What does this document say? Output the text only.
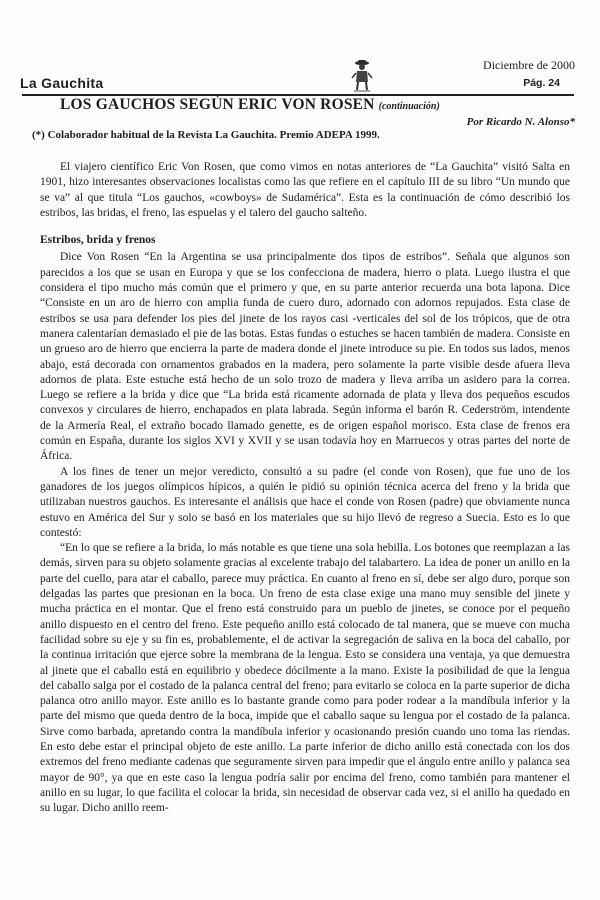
La Gauchita
Diciembre de 2000
Pág. 24
LOS GAUCHOS SEGÚN ERIC VON ROSEN (continuación)
Por Ricardo N. Alonso*
(*) Colaborador habitual de la Revista La Gauchita. Premio ADEPA 1999.

El viajero científico Eric Von Rosen, que como vimos en notas anteriores de “La Gauchita” visitó Salta en 1901, hizo interesantes observaciones localistas como las que refiere en el capítulo III de su libro “Un mundo que se va” al que titula “Los gauchos, «cowboys» de Sudamérica”. Esta es la continuación de cómo describió los estribos, las bridas, el freno, las espuelas y el talero del gaucho salteño.

Estribos, brida y frenos

Dice Von Rosen “En la Argentina se usa principalmente dos tipos de estribos”. Señala que algunos son parecidos a los que se usan en Europa y que se los confecciona de madera, hierro o plata. Luego ilustra el que considera el tipo mucho más común que el primero y que, en su parte anterior recuerda una bota lapona. Dice “Consiste en un aro de hierro con amplia funda de cuero duro, adornado con adornos repujados. Esta clase de estribos se usa para defender los pies del jinete de los rayos casi -verticales del sol de los trópicos, que de otra manera calentarían demasiado el pie de las botas. Estas fundas o estuches se hacen también de madera. Consiste en un grueso aro de hierro que encierra la parte de madera donde el jinete introduce su pie. En todos sus lados, menos abajo, está decorada con ornamentos grabados en la madera, pero solamente la parte visible desde afuera lleva adornos de plata. Este estuche está hecho de un solo trozo de madera y lleva arriba un asidero para la correa. Luego se refiere a la brida y dice que “La brida está ricamente adornada de plata y lleva dos pequeños escudos convexos y circulares de hierro, enchapados en plata labrada. Según informa el barón R. Cederström, intendente de la Armería Real, el extraño bocado llamado genette, es de origen español morisco. Esta clase de frenos era común en España, durante los siglos XVI y XVII y se usan todavía hoy en Marruecos y otras partes del norte de África.

A los fines de tener un mejor veredicto, consultó a su padre (el conde von Rosen), que fue uno de los ganadores de los juegos olímpicos hípicos, a quién le pidió su opinión técnica acerca del freno y la brida que utilizaban nuestros gauchos. Es interesante el análisis que hace el conde von Rosen (padre) que obviamente nunca estuvo en América del Sur y solo se basó en los materiales que su hijo llevó de regreso a Suecia. Esto es lo que contestó:

“En lo que se refiere a la brida, lo más notable es que tiene una sola hebilla. Los botones que reemplazan a las demás, sirven para su objeto solamente gracias al excelente trabajo del talabartero. La idea de poner un anillo en la parte del cuello, para atar el caballo, parece muy práctica. En cuanto al freno en sí, debe ser algo duro, porque son delgadas las partes que presionan en la boca. Un freno de esta clase exige una mano muy sensible del jinete y mucha práctica en el montar. Que el freno está construido para un pueblo de jinetes, se conoce por el pequeño anillo dispuesto en el centro del freno. Este pequeño anillo está colocado de tal manera, que se mueve con mucha facilidad sobre su eje y su fin es, probablemente, el de activar la segregación de saliva en la boca del caballo, por la continua irritación que ejerce sobre la membrana de la lengua. Esto se considera una ventaja, ya que demuestra al jinete que el caballo está en equilibrio y obedece dócilmente a la mano. Existe la posibilidad de que la lengua del caballo salga por el costado de la palanca central del freno; para evitarlo se coloca en la parte superior de dicha palanca otro anillo mayor. Este anillo es lo bastante grande como para poder rodear a la mandíbula inferior y la parte del mismo que queda dentro de la boca, impide que el caballo saque su lengua por el costado de la palanca. Sirve como barbada, apretando contra la mandíbula inferior y ocasionando presión cuando uno toma las riendas. En esto debe estar el principal objeto de este anillo. La parte inferior de dicho anillo está conectada con los dos extremos del freno mediante cadenas que seguramente sirven para impedir que el ángulo entre anillo y palanca sea mayor de 90°, ya que en este caso la lengua podría salir por encima del freno, como también para mantener el anillo en su lugar, lo que facilita el colocar la brida, sin necesidad de observar cada vez, si el anillo ha quedado en su lugar. Dicho anillo reem-
